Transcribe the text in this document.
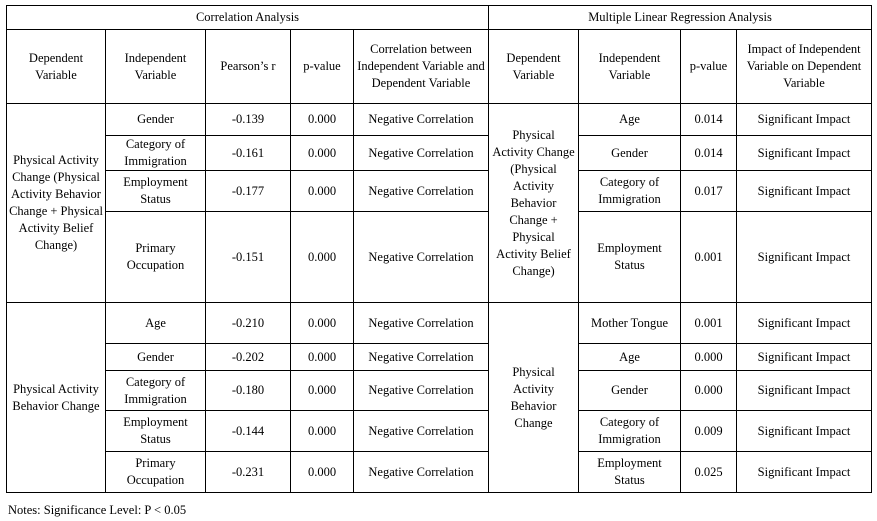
Correlation Analysis					Multiple Linear Regression Analysis			
Dependent Variable	Independent Variable	Pearson’s r	p-value	Correlation between Independent Variable and Dependent Variable	Dependent Variable	Independent Variable	p-value	Impact of Independent Variable on Dependent Variable
Physical Activity Change (Physical Activity Behavior Change + Physical Activity Belief Change)	Gender	-0.139	0.000	Negative Correlation	Physical Activity Change (Physical Activity Behavior Change + Physical Activity Belief Change)	Age	0.014	Significant Impact
	Category of Immigration	-0.161	0.000	Negative Correlation		Gender	0.014	Significant Impact
	Employment Status	-0.177	0.000	Negative Correlation		Category of Immigration	0.017	Significant Impact
	Primary Occupation	-0.151	0.000	Negative Correlation		Employment Status	0.001	Significant Impact
Physical Activity Behavior Change	Age	-0.210	0.000	Negative Correlation	Physical Activity Behavior Change	Mother Tongue	0.001	Significant Impact
	Gender	-0.202	0.000	Negative Correlation		Age	0.000	Significant Impact
	Category of Immigration	-0.180	0.000	Negative Correlation		Gender	0.000	Significant Impact
	Employment Status	-0.144	0.000	Negative Correlation		Category of Immigration	0.009	Significant Impact
	Primary Occupation	-0.231	0.000	Negative Correlation		Employment Status	0.025	Significant Impact
Notes: Significance Level: P < 0.05
